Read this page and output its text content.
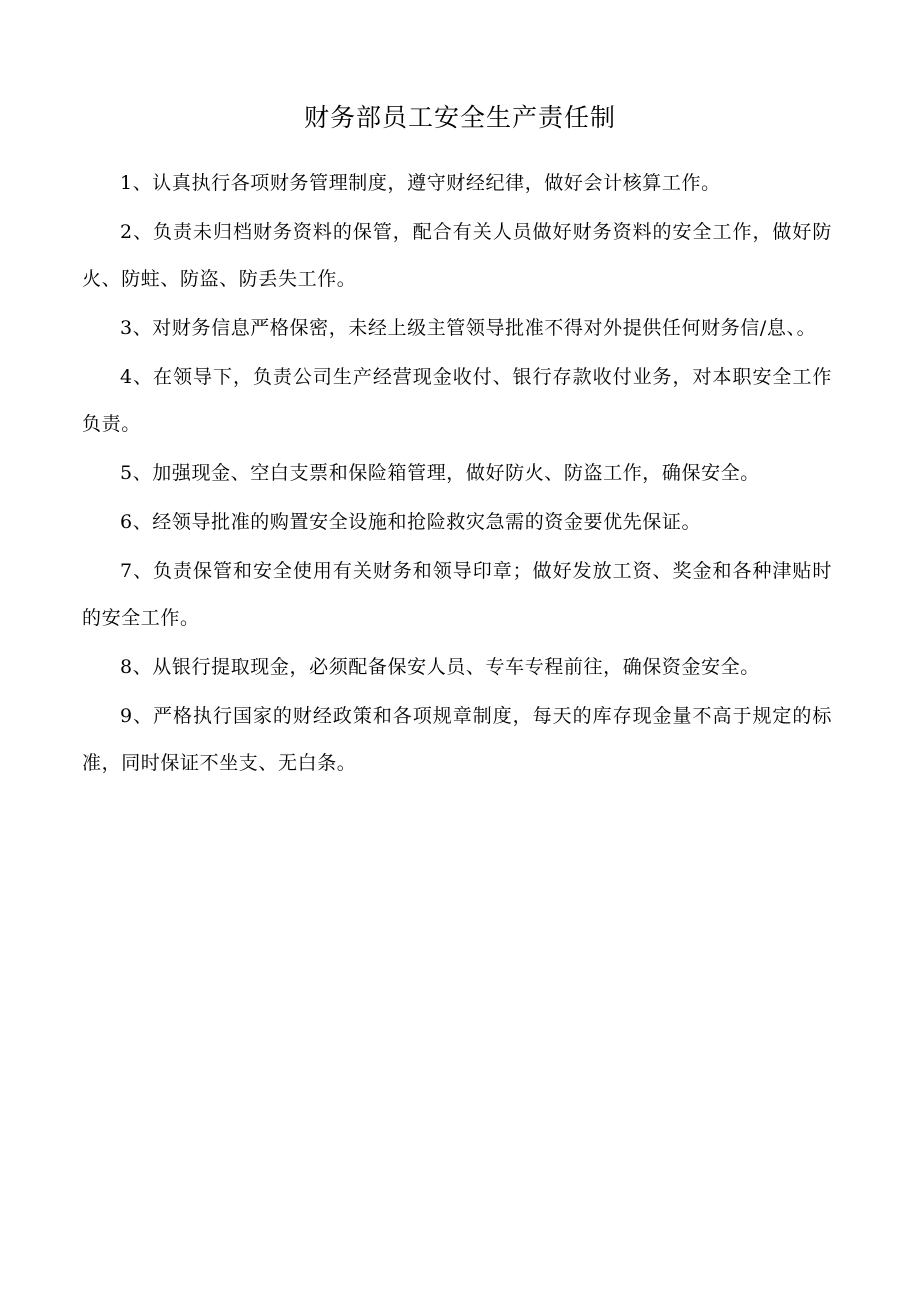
财务部员工安全生产责任制

1、认真执行各项财务管理制度，遵守财经纪律，做好会计核算工作。

2、负责未归档财务资料的保管，配合有关人员做好财务资料的安全工作，做好防火、防蛀、防盗、防丢失工作。

3、对财务信息严格保密，未经上级主管领导批准不得对外提供任何财务信/息、。

4、在领导下，负责公司生产经营现金收付、银行存款收付业务，对本职安全工作负责。

5、加强现金、空白支票和保险箱管理，做好防火、防盗工作，确保安全。

6、经领导批准的购置安全设施和抢险救灾急需的资金要优先保证。

7、负责保管和安全使用有关财务和领导印章；做好发放工资、奖金和各种津贴时的安全工作。

8、从银行提取现金，必须配备保安人员、专车专程前往，确保资金安全。

9、严格执行国家的财经政策和各项规章制度，每天的库存现金量不高于规定的标准，同时保证不坐支、无白条。
